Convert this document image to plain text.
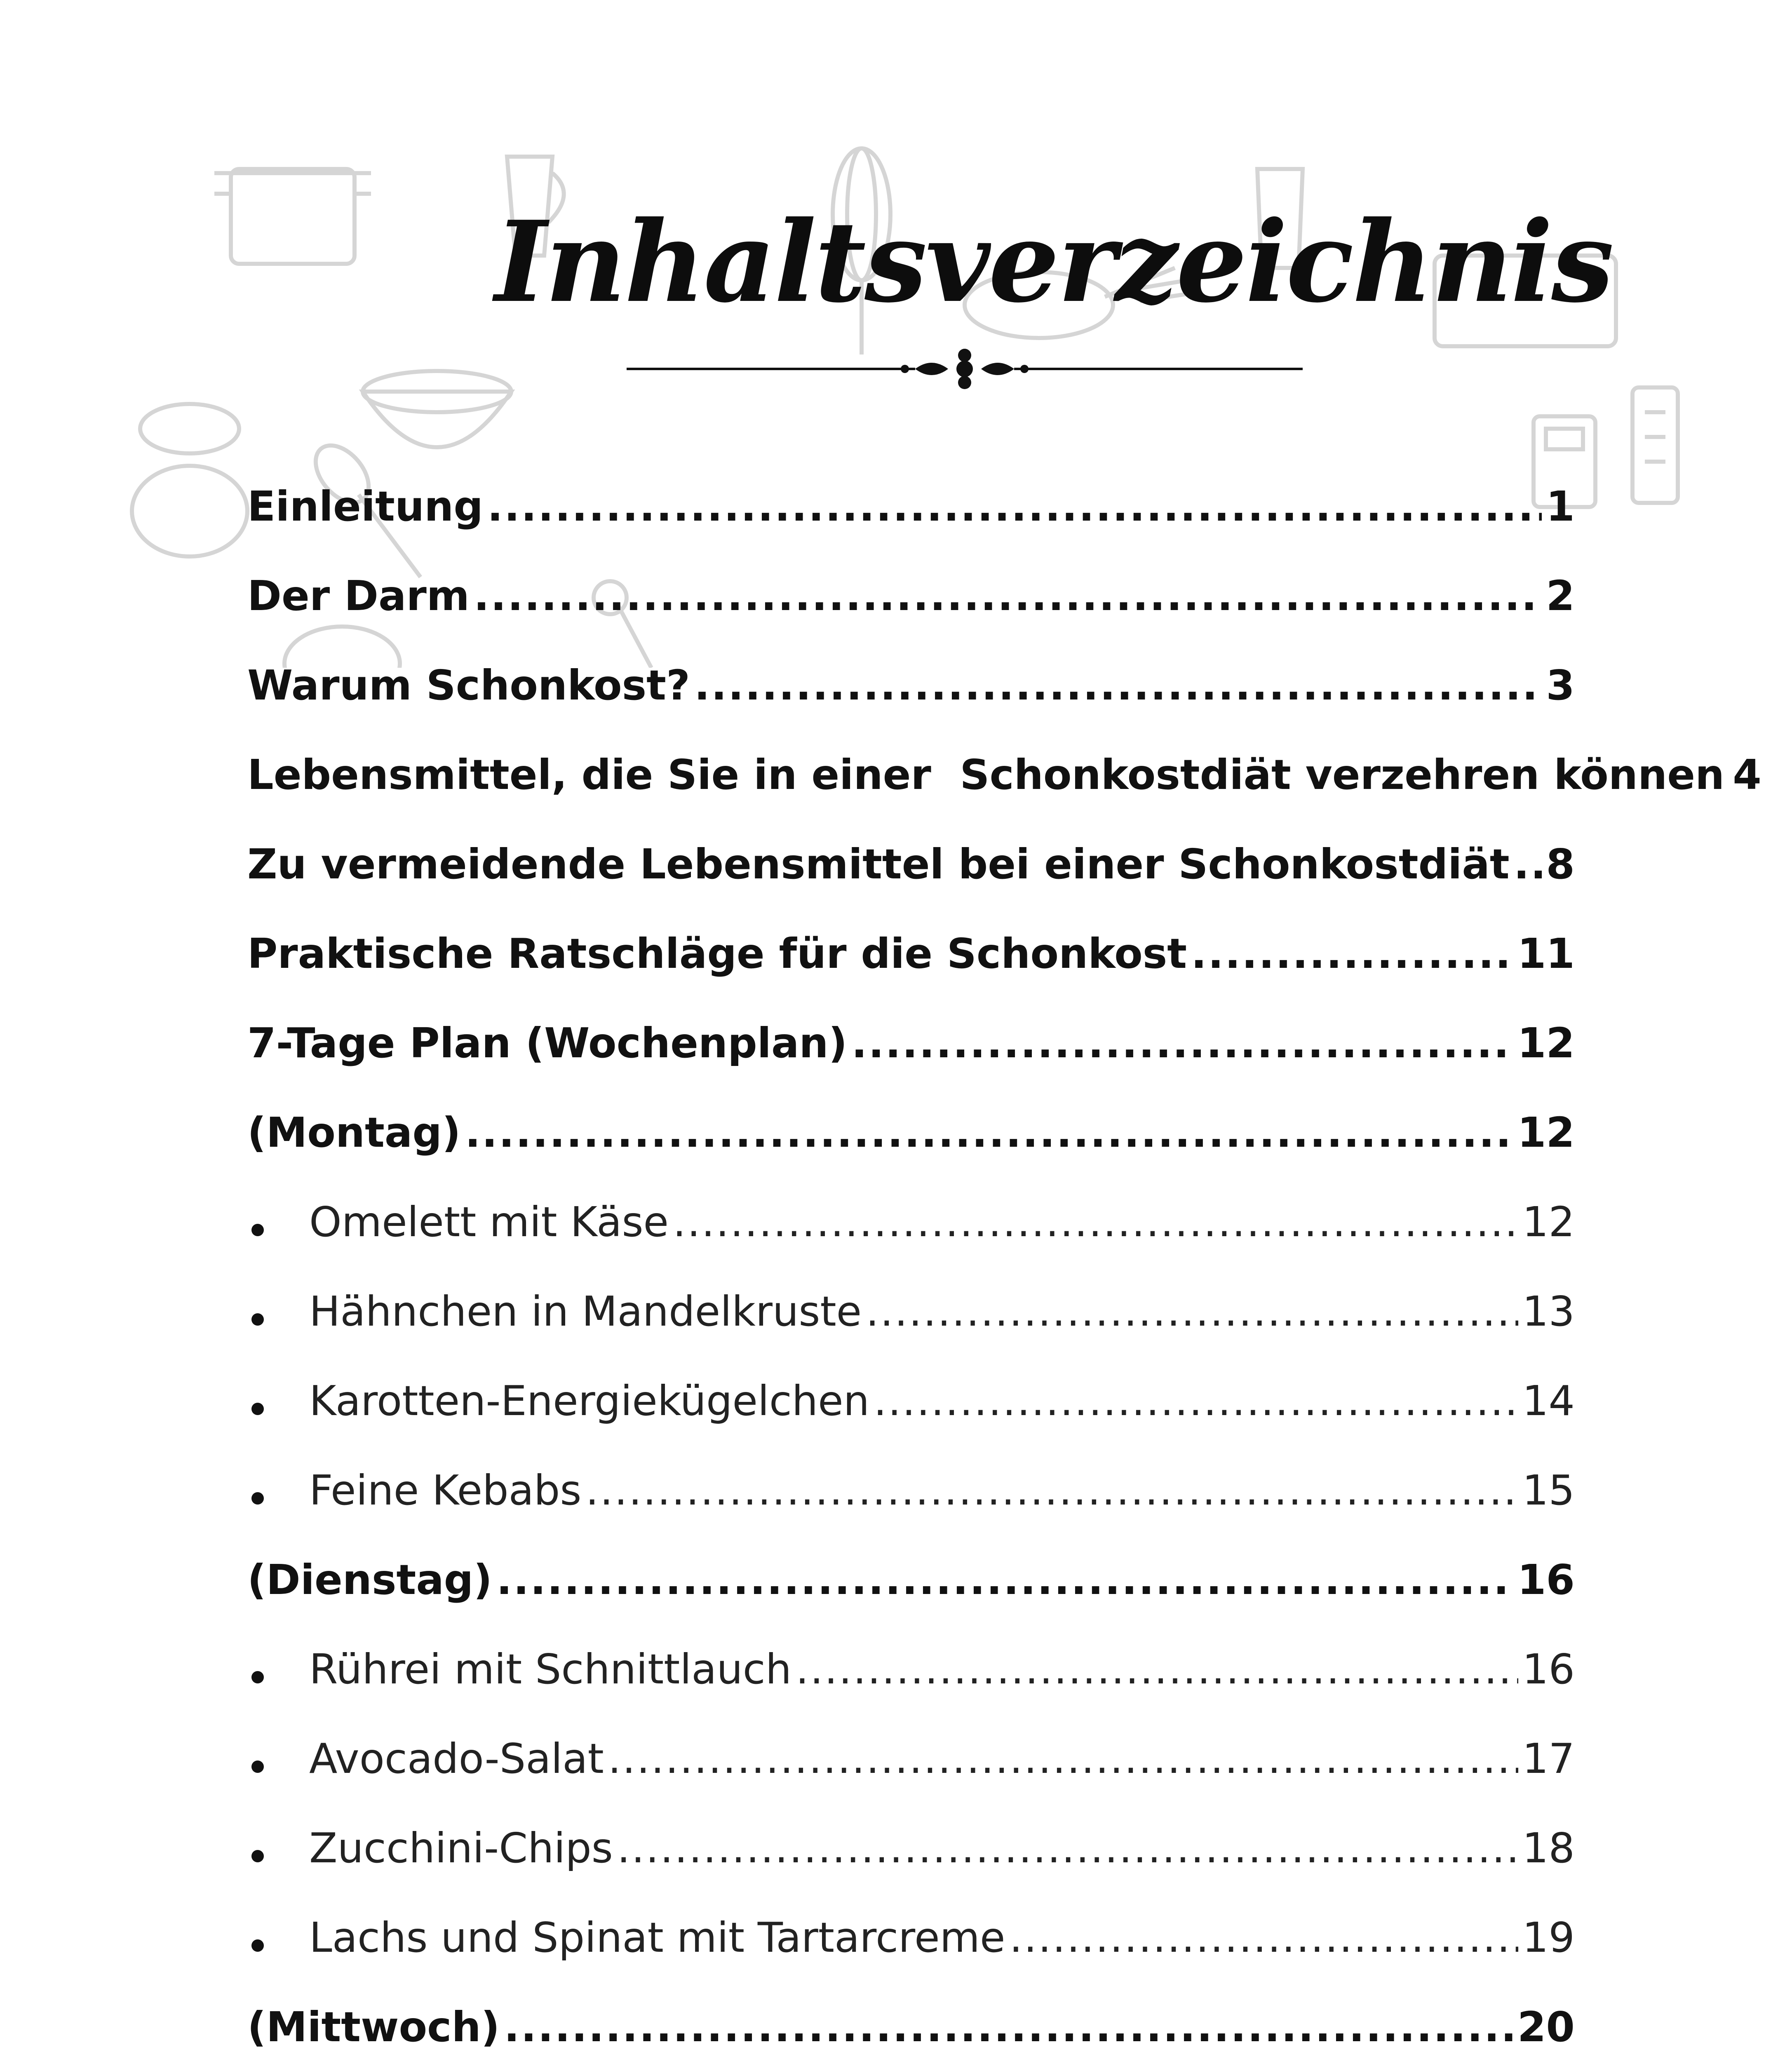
Inhaltsverzeichnis
Einleitung .....	1
Der Darm .....	2
Warum Schonkost? .....	3
Lebensmittel, die Sie in einer  Schonkostdiät verzehren können 4
Zu vermeidende Lebensmittel bei einer Schonkostdiät ..... 8
Praktische Ratschläge für die Schonkost .....	11
7-Tage Plan (Wochenplan) .....	12
(Montag) .....	12
Omelett mit Käse .....	12
Hähnchen in Mandelkruste .....	13
Karotten-Energiekügelchen .....	14
Feine Kebabs .....	15
(Dienstag) .....	16
Rührei mit Schnittlauch .....	16
Avocado-Salat .....	17
Zucchini-Chips .....	18
Lachs und Spinat mit Tartarcreme .....	19
(Mittwoch) .....	20
